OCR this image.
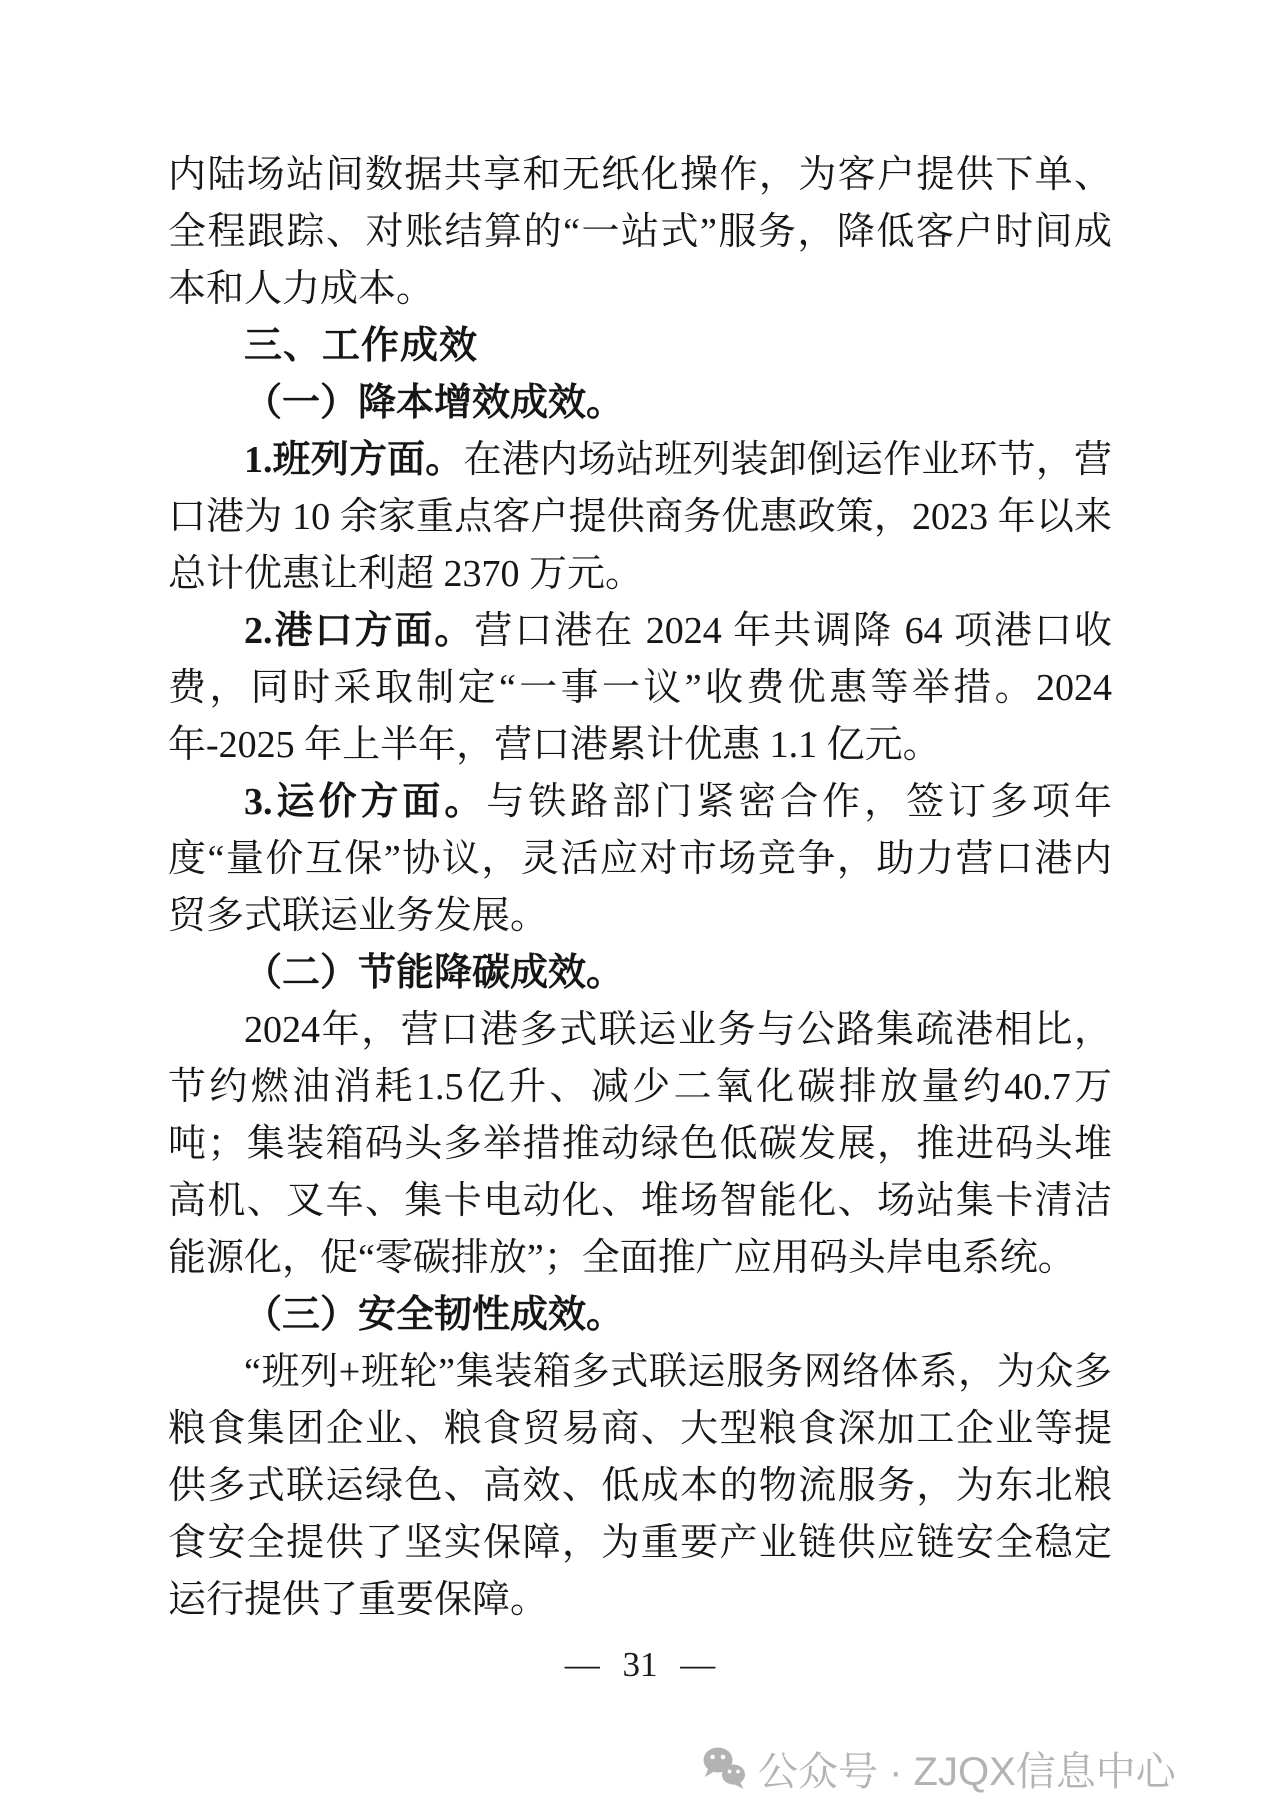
内陆场站间数据共享和无纸化操作，为客户提供下单、全程跟踪、对账结算的“一站式”服务，降低客户时间成本和人力成本。

三、工作成效

（一）降本增效成效。

1.班列方面。在港内场站班列装卸倒运作业环节，营口港为 10 余家重点客户提供商务优惠政策，2023 年以来总计优惠让利超 2370 万元。

2.港口方面。营口港在 2024 年共调降 64 项港口收费，同时采取制定“一事一议”收费优惠等举措。2024 年-2025 年上半年，营口港累计优惠 1.1 亿元。

3.运价方面。与铁路部门紧密合作，签订多项年度“量价互保”协议，灵活应对市场竞争，助力营口港内贸多式联运业务发展。

（二）节能降碳成效。

2024年，营口港多式联运业务与公路集疏港相比，节约燃油消耗1.5亿升、减少二氧化碳排放量约40.7万吨；集装箱码头多举措推动绿色低碳发展，推进码头堆高机、叉车、集卡电动化、堆场智能化、场站集卡清洁能源化，促“零碳排放”；全面推广应用码头岸电系统。

（三）安全韧性成效。

“班列+班轮”集装箱多式联运服务网络体系，为众多粮食集团企业、粮食贸易商、大型粮食深加工企业等提供多式联运绿色、高效、低成本的物流服务，为东北粮食安全提供了坚实保障，为重要产业链供应链安全稳定运行提供了重要保障。

— 31 —
公众号 · ZJQX信息中心
